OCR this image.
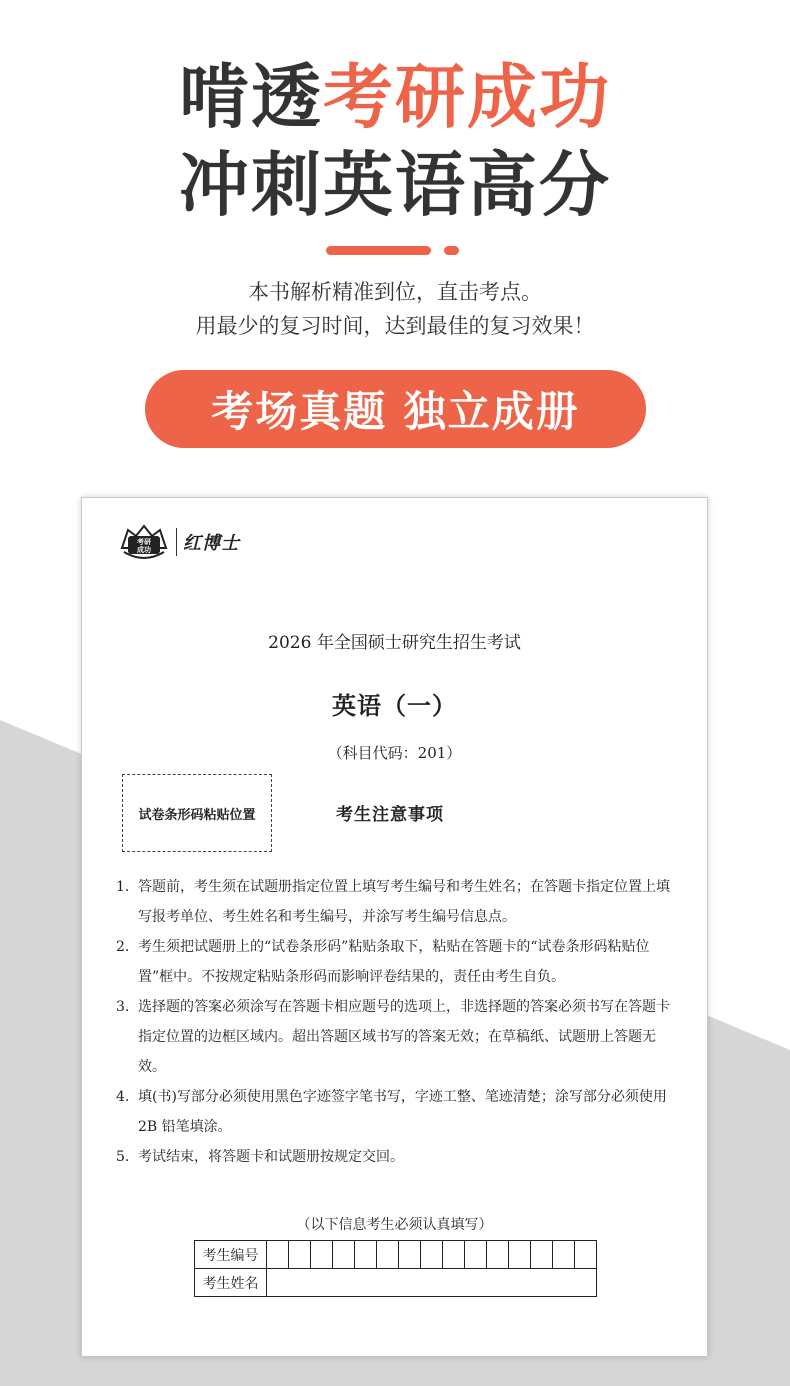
啃透考研成功
冲刺英语高分
本书解析精准到位，直击考点。
用最少的复习时间，达到最佳的复习效果！
考场真题 独立成册
考研
成功 红博士
2026 年全国硕士研究生招生考试
英语（一）
（科目代码：201）
试卷条形码粘贴位置	考生注意事项
1. 答题前，考生须在试题册指定位置上填写考生编号和考生姓名；在答题卡指定位置上填写报考单位、考生姓名和考生编号，并涂写考生编号信息点。
2. 考生须把试题册上的“试卷条形码”粘贴条取下，粘贴在答题卡的“试卷条形码粘贴位置”框中。不按规定粘贴条形码而影响评卷结果的，责任由考生自负。
3. 选择题的答案必须涂写在答题卡相应题号的选项上，非选择题的答案必须书写在答题卡指定位置的边框区域内。超出答题区域书写的答案无效；在草稿纸、试题册上答题无效。
4. 填(书)写部分必须使用黑色字迹签字笔书写，字迹工整、笔迹清楚；涂写部分必须使用 2B 铅笔填涂。
5. 考试结束，将答题卡和试题册按规定交回。
（以下信息考生必须认真填写）
考生编号															
考生姓名															
